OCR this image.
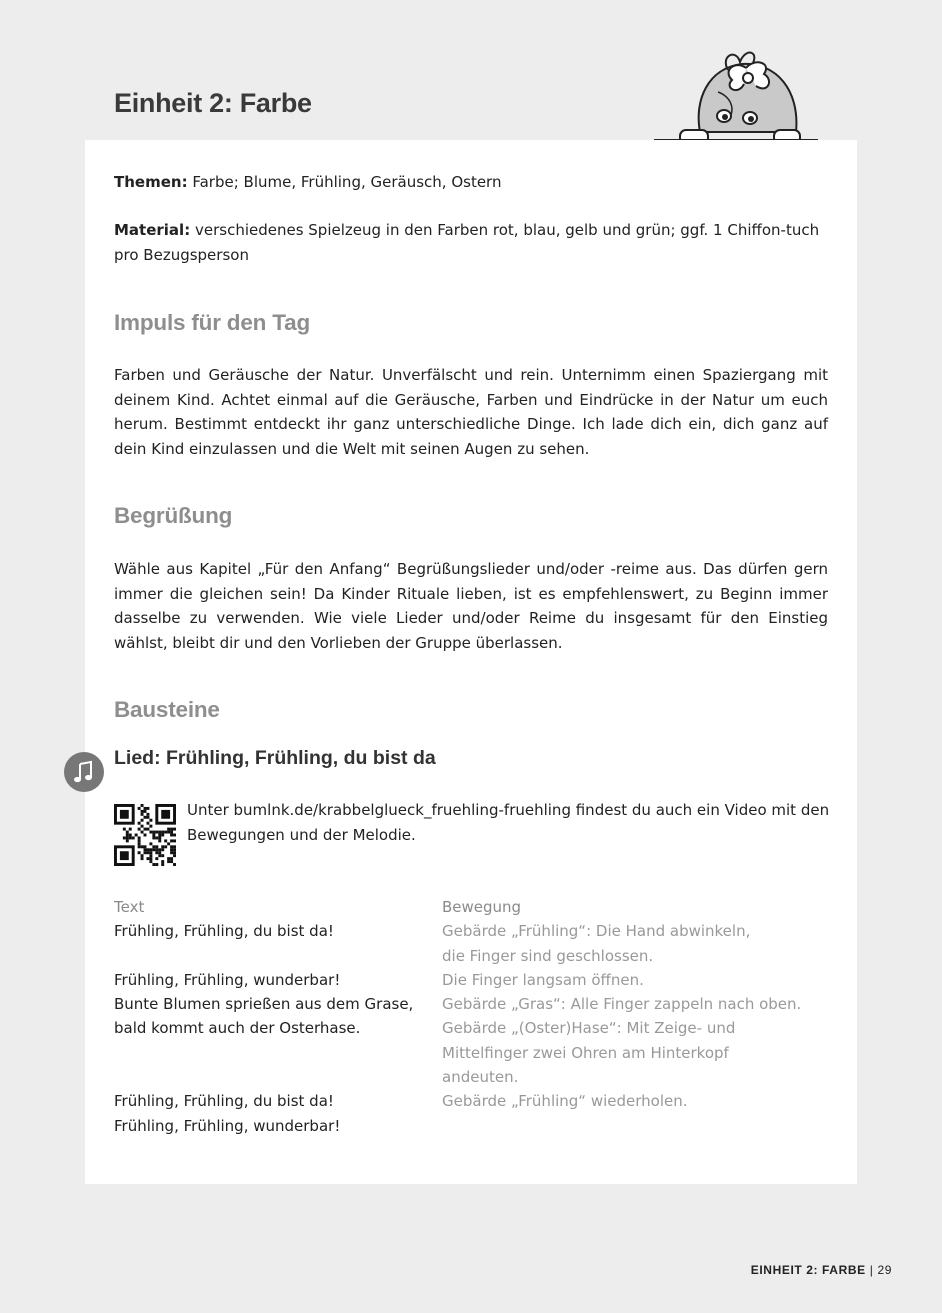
Einheit 2: Farbe

Themen: Farbe; Blume, Frühling, Geräusch, Ostern

Material: verschiedenes Spielzeug in den Farben rot, blau, gelb und grün; ggf. 1 Chiffon-tuch pro Bezugsperson

Impuls für den Tag

Farben und Geräusche der Natur. Unverfälscht und rein. Unternimm einen Spaziergang mit deinem Kind. Achtet einmal auf die Geräusche, Farben und Eindrücke in der Natur um euch herum. Bestimmt entdeckt ihr ganz unterschiedliche Dinge. Ich lade dich ein, dich ganz auf dein Kind einzulassen und die Welt mit seinen Augen zu sehen.

Begrüßung

Wähle aus Kapitel „Für den Anfang“ Begrüßungslieder und/oder -reime aus. Das dürfen gern immer die gleichen sein! Da Kinder Rituale lieben, ist es empfehlenswert, zu Beginn immer dasselbe zu verwenden. Wie viele Lieder und/oder Reime du insgesamt für den Einstieg wählst, bleibt dir und den Vorlieben der Gruppe überlassen.

Bausteine
Lied: Frühling, Frühling, du bist da

Unter bumlnk.de/krabbelglueck_fruehling-fruehling findest du auch ein Video mit den Bewegungen und der Melodie.

Text
Frühling, Frühling, du bist da!

Frühling, Frühling, wunderbar!
Bunte Blumen sprießen aus dem Grase,
bald kommt auch der Osterhase.

Frühling, Frühling, du bist da!
Frühling, Frühling, wunderbar!
Bewegung
Gebärde „Frühling“: Die Hand abwinkeln,
die Finger sind geschlossen.
Die Finger langsam öffnen.
Gebärde „Gras“: Alle Finger zappeln nach oben.
Gebärde „(Oster)Hase“: Mit Zeige- und
Mittelfinger zwei Ohren am Hinterkopf
andeuten.
Gebärde „Frühling“ wiederholen.

EINHEIT 2: FARBE | 29
